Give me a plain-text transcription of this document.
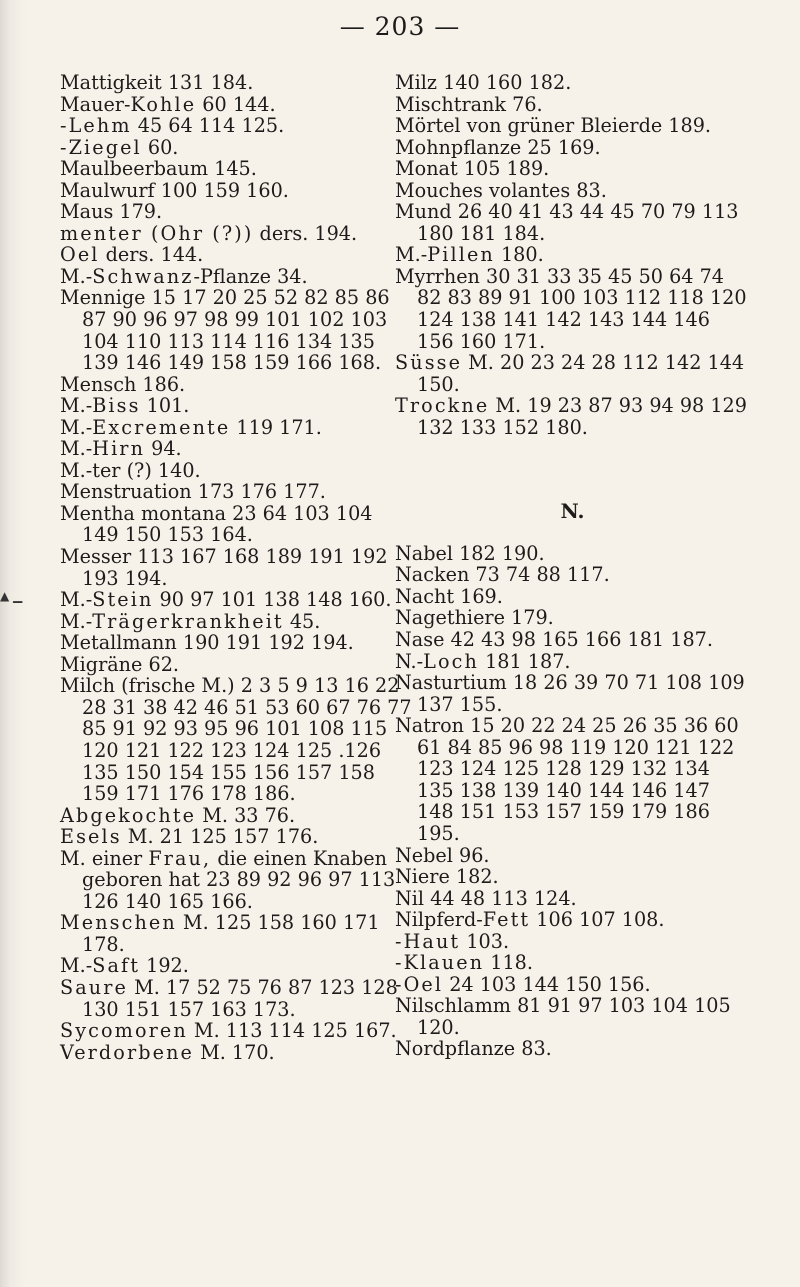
— 203 —
▲ ▁

Mattigkeit 131 184.

Mauer-Kohle 60 144.

-Lehm 45 64 114 125.

-Ziegel 60.

Maulbeerbaum 145.

Maulwurf 100 159 160.

Maus 179.

menter (Ohr (?)) ders. 194.

Oel ders. 144.

M.-Schwanz-Pflanze 34.

Mennige 15 17 20 25 52 82 85 86 87 90 96 97 98 99 101 102 103 104 110 113 114 116 134 135 139 146 149 158 159 166 168.

Mensch 186.

M.-Biss 101.

M.-Excremente 119 171.

M.-Hirn 94.

M.-ter (?) 140.

Menstruation 173 176 177.

Mentha montana 23 64 103 104 149 150 153 164.

Messer 113 167 168 189 191 192 193 194.

M.-Stein 90 97 101 138 148 160.

M.-Trägerkrankheit 45.

Metallmann 190 191 192 194.

Migräne 62.

Milch (frische M.) 2 3 5 9 13 16 22 28 31 38 42 46 51 53 60 67 76 77 85 91 92 93 95 96 101 108 115 120 121 122 123 124 125 .126 135 150 154 155 156 157 158 159 171 176 178 186.

Abgekochte M. 33 76.

Esels M. 21 125 157 176.

M. einer Frau, die einen Knaben geboren hat 23 89 92 96 97 113 126 140 165 166.

Menschen M. 125 158 160 171 178.

M.-Saft 192.

Saure M. 17 52 75 76 87 123 128 130 151 157 163 173.

Sycomoren M. 113 114 125 167.

Verdorbene M. 170.

Milz 140 160 182.

Mischtrank 76.

Mörtel von grüner Bleierde 189.

Mohnpflanze 25 169.

Monat 105 189.

Mouches volantes 83.

Mund 26 40 41 43 44 45 70 79 113 180 181 184.

M.-Pillen 180.

Myrrhen 30 31 33 35 45 50 64 74 82 83 89 91 100 103 112 118 120 124 138 141 142 143 144 146 156 160 171.

Süsse M. 20 23 24 28 112 142 144 150.

Trockne M. 19 23 87 93 94 98 129 132 133 152 180.

N.

Nabel 182 190.

Nacken 73 74 88 117.

Nacht 169.

Nagethiere 179.

Nase 42 43 98 165 166 181 187.

N.-Loch 181 187.

Nasturtium 18 26 39 70 71 108 109 137 155.

Natron 15 20 22 24 25 26 35 36 60 61 84 85 96 98 119 120 121 122 123 124 125 128 129 132 134 135 138 139 140 144 146 147 148 151 153 157 159 179 186 195.

Nebel 96.

Niere 182.

Nil 44 48 113 124.

Nilpferd-Fett 106 107 108.

-Haut 103.

-Klauen 118.

-Oel 24 103 144 150 156.

Nilschlamm 81 91 97 103 104 105 120.

Nordpflanze 83.
